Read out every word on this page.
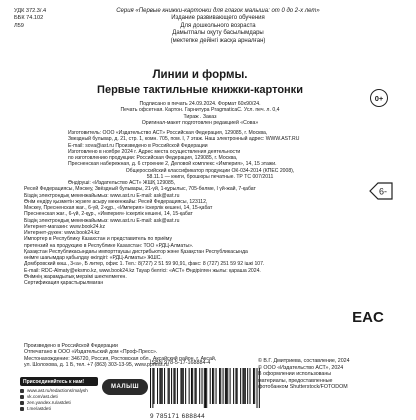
УДК 372.3/.4
ББК 74.102
Л59
Серия «Первые книжки-картонки для глазок малыша: от 0 до 2-х лет»
Издание развивающего обучения
Для дошкольного возраста
Дамытпалы оқуту басылымдары
(мектепке дейінгі жасқа арналған)
0+
Линии и формы.
Первые тактильные книжки-картонки
Подписано в печать 24.09.2024. Формат 60х90/24.
Печать офсетная. Картон. Гарнитура PragmaticaC. Усл. печ. л. 0,4
Тираж . Заказ
Оригинал-макет подготовлен редакцией «Сова»
Изготовитель: ООО «Издательство АСТ» Российская Федерация, 129085, г. Москва,
Звездный бульвар, д. 21, стр. 1, комн. 705, пом. I, 7 этаж. Наш электронный адрес: WWW.AST.RU
E-mail: sova@ast.ru Произведено в Российской Федерации
Изготовлено в ноябре 2024 г. Адрес места осуществления деятельности
по изготовлению продукции: Российская Федерация, 129085, г. Москва,
Пресненская набережная, д. 6 строение 2, Деловой комплекс «Империя», 14, 15 этажи.
Общероссийский классификатор продукции ОК-034-2014 (КПЕС 2008),
58.11.1 — книги, брошюры печатные. ТР ТС 007/2011
Өндіруші: «Издательство АСТ» ЖШҚ 129085,
Ресей Федерациясы, Мәскеу, Звёздный бульвары, 21-үй, 1-құрылыс, 705-бөлме, I үй-жай, 7-қабат
Біздің электрондық мекенжайымыз: www.ast.ru E-mail: ask@ast.ru
Өнім ендіру қызметін жүзеге асыру мекенжайы: Ресей Федерациясы, 123112,
Мәскеу, Пресненская жағ., 6-үй, 2-құр., «Империя» іскерлік кешені, 14, 15-қабат
Пресненская жағ., 6-үй, 2-құр., «Империя» іскерлік кешені, 14, 15-қабат
Біздің электрондық мекенжайымыз: www.ast.ru E-mail: ask@ast.ru
Интернет-магазин: www.book24.kz
Интернет-дүкен: www.book24.kz
Импортер в Республику Казахстан и представитель по приёму
претензий на продукцию в Республике Казахстан: ТОО «РДЦ-Алматы».
Қазақстан Республикасындағы импорттаушы дистрибьютор және Қазақстан Республикасында
өнімге шағымдар қабылдау өкілдігі: «РДЦ-Алматы» ЖШС.
Домбровский көш., 3«а», Б литер, офис 1. Тел.: 8(727) 2 51 59 90,91, факс: 8 (727) 251 59 92 ішкі 107.
E-mail: RDC-Almaty@eksmo.kz, www.book24.kz Тауар белгісі: «АСТ» Өндірілген жылы: қараша 2024.
Өнімнің жарамдылық мерзімі шектелмеген.
Сертификация қарастырылмаған
6-
EAC
Произведено в Российской Федерации
Отпечатано в ООО «Издательский дом «Проф-Пресс».
Местонахождение: 346720, Россия, Ростовская обл., Аксайский район, г. Аксай,
ул. Шолохова, д. 1 Б, тел. +7 (863) 303-13-95, www.ppress.ru
Присоединяйтесь к нам!
www.ast.ru/redactions/malysh
vk.com/ast.deti
zen.yandex.ru/astdeti
t.me/astdeti
МАЛЫШ
ISBN 978-5-17-168884-4
9 785171 688844
© В.Г. Дмитриева, составление, 2024
© ООО «Издательство АСТ», 2024
В оформлении использованы
материалы, предоставленные
фотобанком Shutterstock/FOTODOM
